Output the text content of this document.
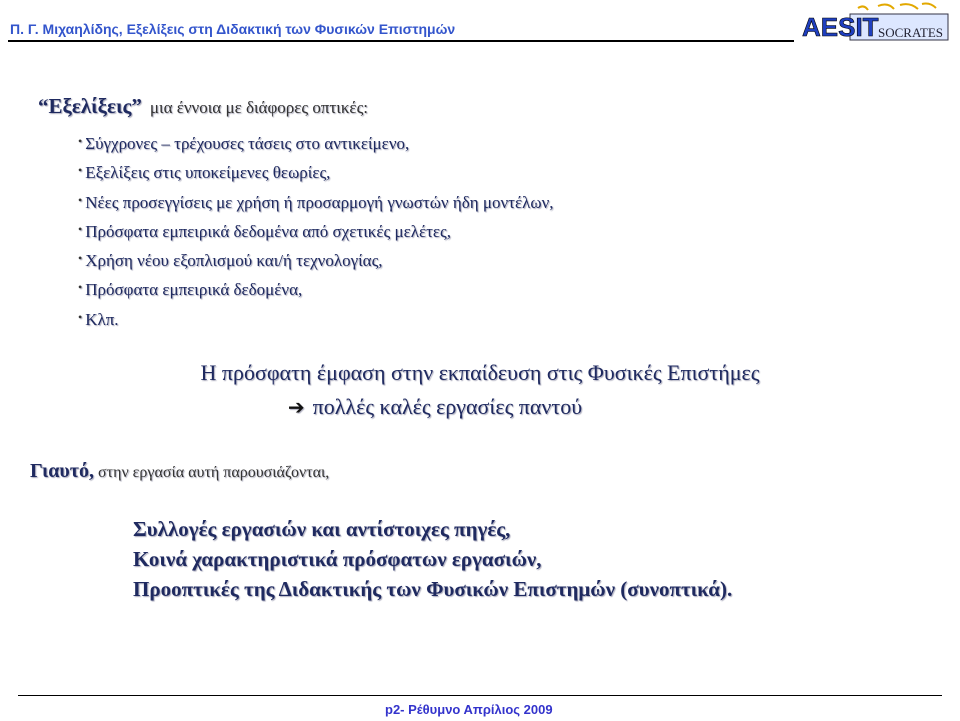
Π. Γ. Μιχαηλίδης, Εξελίξεις στη Διδακτική των Φυσικών Επιστημών	AESIT SOCRATES
“Εξελίξεις” μια έννοια με διάφορες οπτικές:
• Σύγχρονες – τρέχουσες τάσεις στο αντικείμενο,
• Εξελίξεις στις υποκείμενες θεωρίες,
• Νέες προσεγγίσεις με χρήση ή προσαρμογή γνωστών ήδη μοντέλων,
• Πρόσφατα εμπειρικά δεδομένα από σχετικές μελέτες,
• Χρήση νέου εξοπλισμού και/ή τεχνολογίας,
• Πρόσφατα εμπειρικά δεδομένα,
• Κλπ.
Η πρόσφατη έμφαση στην εκπαίδευση στις Φυσικές Επιστήμες
➔ πολλές καλές εργασίες παντού
Γιαυτό, στην εργασία αυτή παρουσιάζονται,
Συλλογές εργασιών και αντίστοιχες πηγές,
Κοινά χαρακτηριστικά πρόσφατων εργασιών,
Προοπτικές της Διδακτικής των Φυσικών Επιστημών (συνοπτικά).
p2- Ρέθυμνο Απρίλιος 2009
